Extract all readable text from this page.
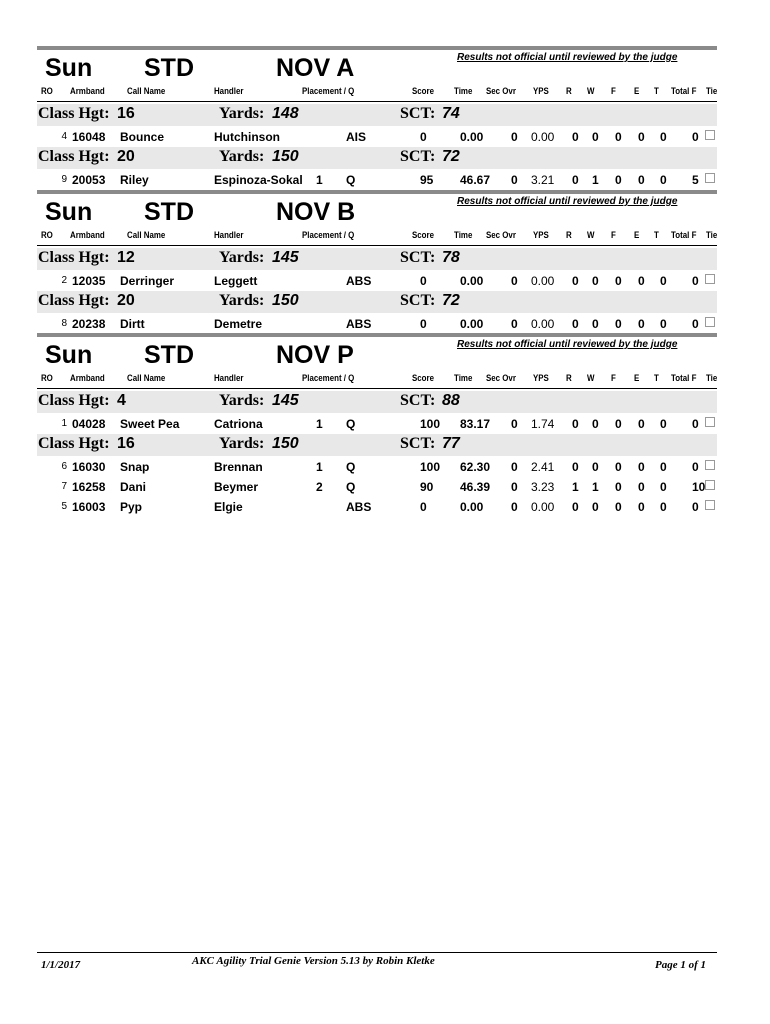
Results not official until reviewed by the judge
Sun STD	NOV A
RO Armband Call Name	Handler	Placement / Q	Score Time Sec Ovr YPS R W F E T Total F Tie
Class Hgt: 16	Yards: 148	SCT: 74
4 16048 Bounce	Hutchinson	AIS	0	0.00 0 0.00 0 0 0 0 0 0
Class Hgt: 20	Yards: 150	SCT: 72
9 20053 Riley	Espinoza-Sokal 1 Q	95 46.67 0 3.21 0 1 0 0 0 5
Results not official until reviewed by the judge
Sun STD	NOV B
RO Armband Call Name	Handler	Placement / Q	Score Time Sec Ovr YPS R W F E T Total F Tie
Class Hgt: 12	Yards: 145	SCT: 78
2 12035 Derringer	Leggett	ABS	0	0.00 0 0.00 0 0 0 0 0 0
Class Hgt: 20	Yards: 150	SCT: 72
8 20238 Dirtt	Demetre	ABS	0	0.00 0 0.00 0 0 0 0 0 0
Results not official until reviewed by the judge
Sun STD	NOV P
RO Armband Call Name	Handler	Placement / Q	Score Time Sec Ovr YPS R W F E T Total F Tie
Class Hgt: 4	Yards: 145	SCT: 88
1 04028 Sweet Pea	Catriona	1 Q	100 83.17 0 1.74 0 0 0 0 0 0
Class Hgt: 16	Yards: 150	SCT: 77
6 16030 Snap	Brennan	1 Q	100 62.30 0 2.41 0 0 0 0 0 0
7 16258 Dani	Beymer	2 Q	90 46.39 0 3.23 1 1 0 0 0 10
5 16003 Pyp	Elgie	ABS	0	0.00 0 0.00 0 0 0 0 0 0
1/1/2017	AKC Agility Trial Genie Version 5.13 by Robin Kletke	Page 1 of 1
